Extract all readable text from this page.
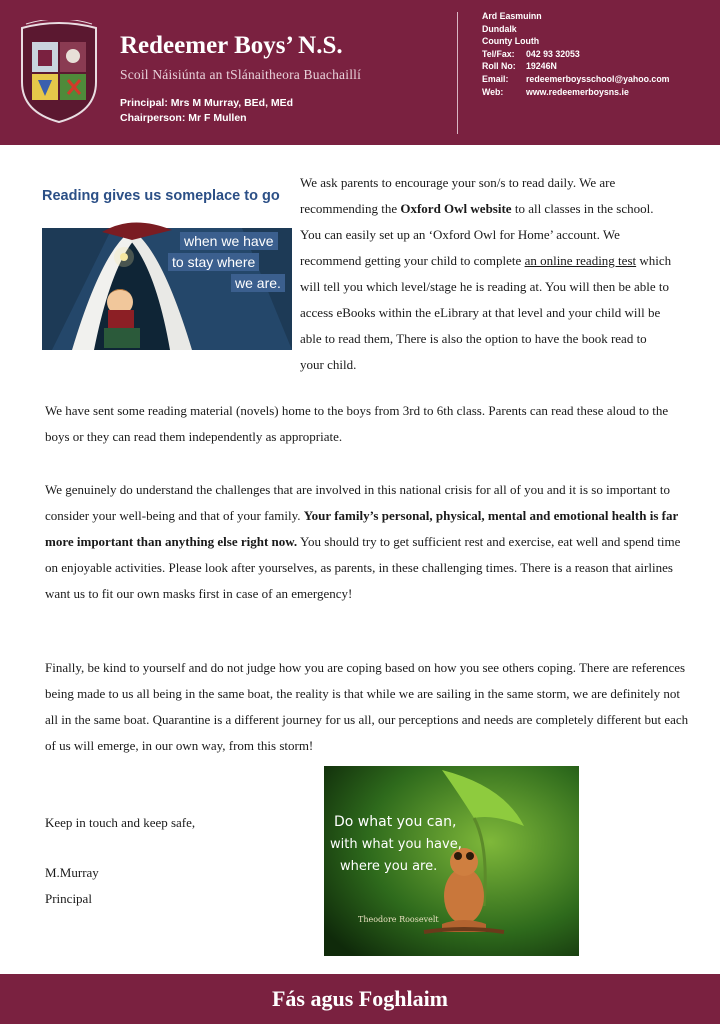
Redeemer Boys’ N.S.
Scoil Náisiúnta an tSlánaitheora Buachaillí
Principal: Mrs M Murray, BEd, MEd
Chairperson: Mr F Mullen
Ard Easmuinn
Dundalk
County Louth
Tel/Fax:	042 93 32053
Roll No:	19246N
Email:	redeemerboysschool@yahoo.com
Web:	www.redeemerboysns.ie
Reading gives us someplace to go
when we have
to stay where
we are.
We ask parents to encourage your son/s to read daily. We are recommending the Oxford Owl website to all classes in the school. You can easily set up an ‘Oxford Owl for Home’ account. We recommend getting your child to complete an online reading test which will tell you which level/stage he is reading at. You will then be able to access eBooks within the eLibrary at that level and your child will be able to read them, There is also the option to have the book read to your child.
We have sent some reading material (novels) home to the boys from 3rd to 6th class. Parents can read these aloud to the boys or they can read them independently as appropriate.
We genuinely do understand the challenges that are involved in this national crisis for all of you and it is so important to consider your well-being and that of your family. Your family’s personal, physical, mental and emotional health is far more important than anything else right now. You should try to get sufficient rest and exercise, eat well and spend time on enjoyable activities. Please look after yourselves, as parents, in these challenging times. There is a reason that airlines want us to fit our own masks first in case of an emergency!
Finally, be kind to yourself and do not judge how you are coping based on how you see others coping. There are references being made to us all being in the same boat, the reality is that while we are sailing in the same storm, we are definitely not all in the same boat. Quarantine is a different journey for us all, our perceptions and needs are completely different but each of us will emerge, in our own way, from this storm!
Keep in touch and keep safe,
M.Murray
Principal
Do what you can,
with what you have,
where you are.
Theodore Roosevelt
Fás agus Foghlaim
